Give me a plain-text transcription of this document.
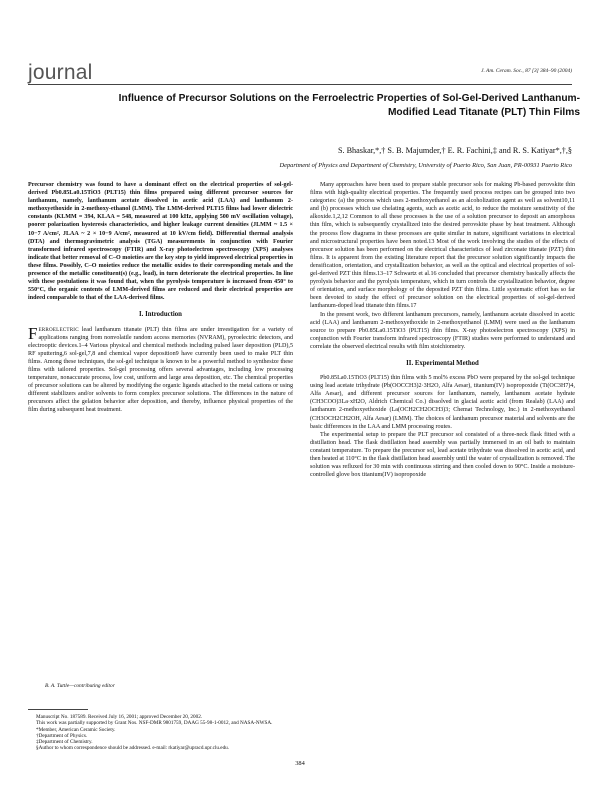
journal	J. Am. Ceram. Soc., 87 [3] 384–90 (2004)
Influence of Precursor Solutions on the Ferroelectric Properties of Sol-Gel-Derived Lanthanum-Modified Lead Titanate (PLT) Thin Films
S. Bhaskar,*,† S. B. Majumder,† E. R. Fachini,‡ and R. S. Katiyar*,†,§
Department of Physics and Department of Chemistry, University of Puerto Rico, San Juan, PR-00931 Puerto Rico

Precursor chemistry was found to have a dominant effect on the electrical properties of sol-gel-derived Pb0.85La0.15TiO3 (PLT15) thin films prepared using different precursor sources for lanthanum, namely, lanthanum acetate dissolved in acetic acid (LAA) and lanthanum 2-methoxyethoxide in 2-methoxy-ethanol (LMM). The LMM-derived PLT15 films had lower dielectric constants (KLMM = 394, KLAA = 548, measured at 100 kHz, applying 500 mV oscillation voltage), poorer polarization hysteresis characteristics, and higher leakage current densities (JLMM ~ 1.5 × 10−7 A/cm², JLAA ~ 2 × 10−9 A/cm², measured at 10 kV/cm field). Differential thermal analysis (DTA) and thermogravimetric analysis (TGA) measurements in conjunction with Fourier transformed infrared spectroscopy (FTIR) and X-ray photoelectron spectroscopy (XPS) analyses indicate that better removal of C–O moieties are the key step to yield improved electrical properties in these films. Possibly, C–O moieties reduce the metallic oxides to their corresponding metals and the presence of the metallic constituent(s) (e.g., lead), in turn deteriorate the electrical properties. In line with these postulations it was found that, when the pyrolysis temperature is increased from 450° to 550°C, the organic contents of LMM-derived films are reduced and their electrical properties are indeed comparable to that of the LAA-derived films.

I. Introduction

FERROELECTRIC lead lanthanum titanate (PLT) thin films are under investigation for a variety of applications ranging from nonvolatile random access memories (NVRAM), pyroelectric detectors, and electrooptic devices.1–4 Various physical and chemical methods including pulsed laser deposition (PLD),5 RF sputtering,6 sol-gel,7,8 and chemical vapor deposition9 have currently been used to make PLT thin films. Among these techniques, the sol-gel technique is known to be a powerful method to synthesize these films with tailored properties. Sol-gel processing offers several advantages, including low processing temperature, nonaccurate process, low cost, uniform and large area deposition, etc. The chemical properties of precursor solutions can be altered by modifying the organic ligands attached to the metal cations or using different stabilizers and/or solvents to form complex precursor solutions. The differences in the nature of precursors affect the gelation behavior after deposition, and thereby, influence physical properties of the film during subsequent heat treatment.

Many approaches have been used to prepare stable precursor sols for making Pb-based perovskite thin films with high-quality electrical properties. The frequently used process recipes can be grouped into two categories: (a) the process which uses 2-methoxyethanol as an alcoholization agent as well as solvent10,11 and (b) processes which use chelating agents, such as acetic acid, to reduce the moisture sensitivity of the alkoxide.1,2,12 Common to all these processes is the use of a solution precursor to deposit an amorphous thin film, which is subsequently crystallized into the desired perovskite phase by heat treatment. Although the process flow diagrams in these processes are quite similar in nature, significant variations in electrical and microstructural properties have been noted.13 Most of the work involving the studies of the effects of precursor solution has been performed on the electrical characteristics of lead zirconate titanate (PZT) thin films. It is apparent from the existing literature report that the precursor solution significantly impacts the densification, orientation, and crystallization behavior, as well as the optical and electrical properties of sol-gel-derived PZT thin films.13–17 Schwartz et al.16 concluded that precursor chemistry basically affects the pyrolysis behavior and the pyrolysis temperature, which in turn controls the crystallization behavior, degree of orientation, and surface morphology of the deposited PZT thin films. Little systematic effort has so far been devoted to study the effect of precursor solution on the electrical properties of sol-gel-derived lanthanum-doped lead titanate thin films.17

In the present work, two different lanthanum precursors, namely, lanthanum acetate dissolved in acetic acid (LAA) and lanthanum 2-methoxyethoxide in 2-methoxyethanol (LMM) were used as the lanthanum source to prepare Pb0.85La0.15TiO3 (PLT15) thin films. X-ray photoelectron spectroscopy (XPS) in conjunction with Fourier transform infrared spectroscopy (FTIR) studies were performed to understand and correlate the observed electrical results with film stoichiometry.

II. Experimental Method

Pb0.85La0.15TiO3 (PLT15) thin films with 5 mol% excess PbO were prepared by the sol-gel technique using lead acetate trihydrate (Pb(OOCCH3)2·3H2O, Alfa Aesar), titanium(IV) isopropoxide (Ti(OC3H7)4, Alfa Aesar), and different precursor sources for lanthanum, namely, lanthanum acetate hydrate (CH3COO)3La·xH2O, Aldrich Chemical Co.) dissolved in glacial acetic acid (from Realab) (LAA) and lanthanum 2-methoxyethoxide (La(OCH2CH2OCH3)3; Chemat Technology, Inc.) in 2-methoxyethanol (CH3OCH2CH2OH, Alfa Aesar) (LMM). The choices of lanthanum precursor material and solvents are the basic differences in the LAA and LMM processing routes.

The experimental setup to prepare the PLT precursor sol consisted of a three-neck flask fitted with a distillation head. The flask distillation head assembly was partially immersed in an oil bath to maintain constant temperature. To prepare the precursor sol, lead acetate trihydrate was dissolved in acetic acid, and then heated at 110°C in the flask distillation head assembly until the water of crystallization is removed. The solution was refluxed for 30 min with continuous stirring and then cooled down to 90°C. Inside a moisture-controlled glove box titanium(IV) isopropoxide

B. A. Tuttle—contributing editor
Manuscript No. 187589. Received July 16, 2001; approved December 20, 2002.
This work was partially supported by Grant Nos. NSF-DMR 9801759, DAAG 55-98-1-0012, and NASA-NWSA.
*Member, American Ceramic Society.
†Department of Physics.
‡Department of Chemistry.
§Author to whom correspondence should be addressed. e-mail: rkatiyar@upracd.upr.clu.edu.
384
